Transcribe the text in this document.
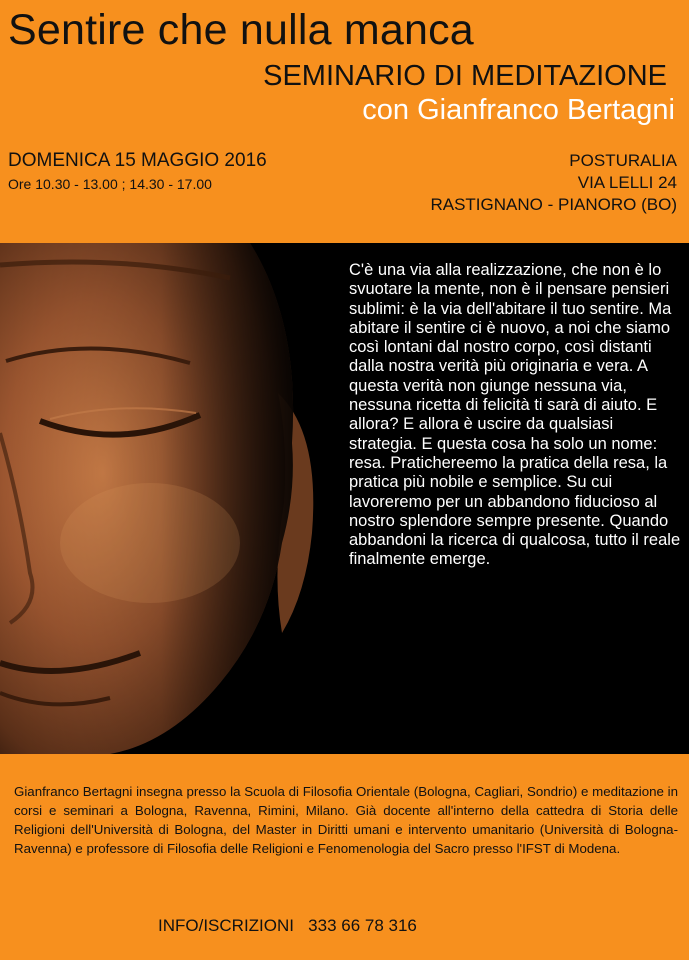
Sentire che nulla manca
SEMINARIO DI MEDITAZIONE
con Gianfranco Bertagni
DOMENICA 15 MAGGIO 2016
Ore 10.30 - 13.00 ; 14.30 - 17.00
POSTURALIA
VIA LELLI 24
RASTIGNANO - PIANORO (BO)

C'è una via alla realizzazione, che non è lo svuotare la mente, non è il pensare pensieri sublimi: è la via dell'abitare il tuo sentire. Ma abitare il sentire ci è nuovo, a noi che siamo così lontani dal nostro corpo, così distanti dalla nostra verità più originaria e vera. A questa verità non giunge nessuna via, nessuna ricetta di felicità ti sarà di aiuto. E allora? E allora è uscire da qualsiasi strategia. E questa cosa ha solo un nome: resa. Pratichereemo la pratica della resa, la pratica più nobile e semplice. Su cui lavoreremo per un abbandono fiducioso al nostro splendore sempre presente. Quando abbandoni la ricerca di qualcosa, tutto il reale finalmente emerge.

Gianfranco Bertagni insegna presso la Scuola di Filosofia Orientale (Bologna, Cagliari, Sondrio) e meditazione in corsi e seminari a Bologna, Ravenna, Rimini, Milano. Già docente all'interno della cattedra di Storia delle Religioni dell'Università di Bologna, del Master in Diritti umani e intervento umanitario (Università di Bologna-Ravenna) e professore di Filosofia delle Religioni e Fenomenologia del Sacro presso l'IFST di Modena.

INFO/ISCRIZIONI   333 66 78 316
